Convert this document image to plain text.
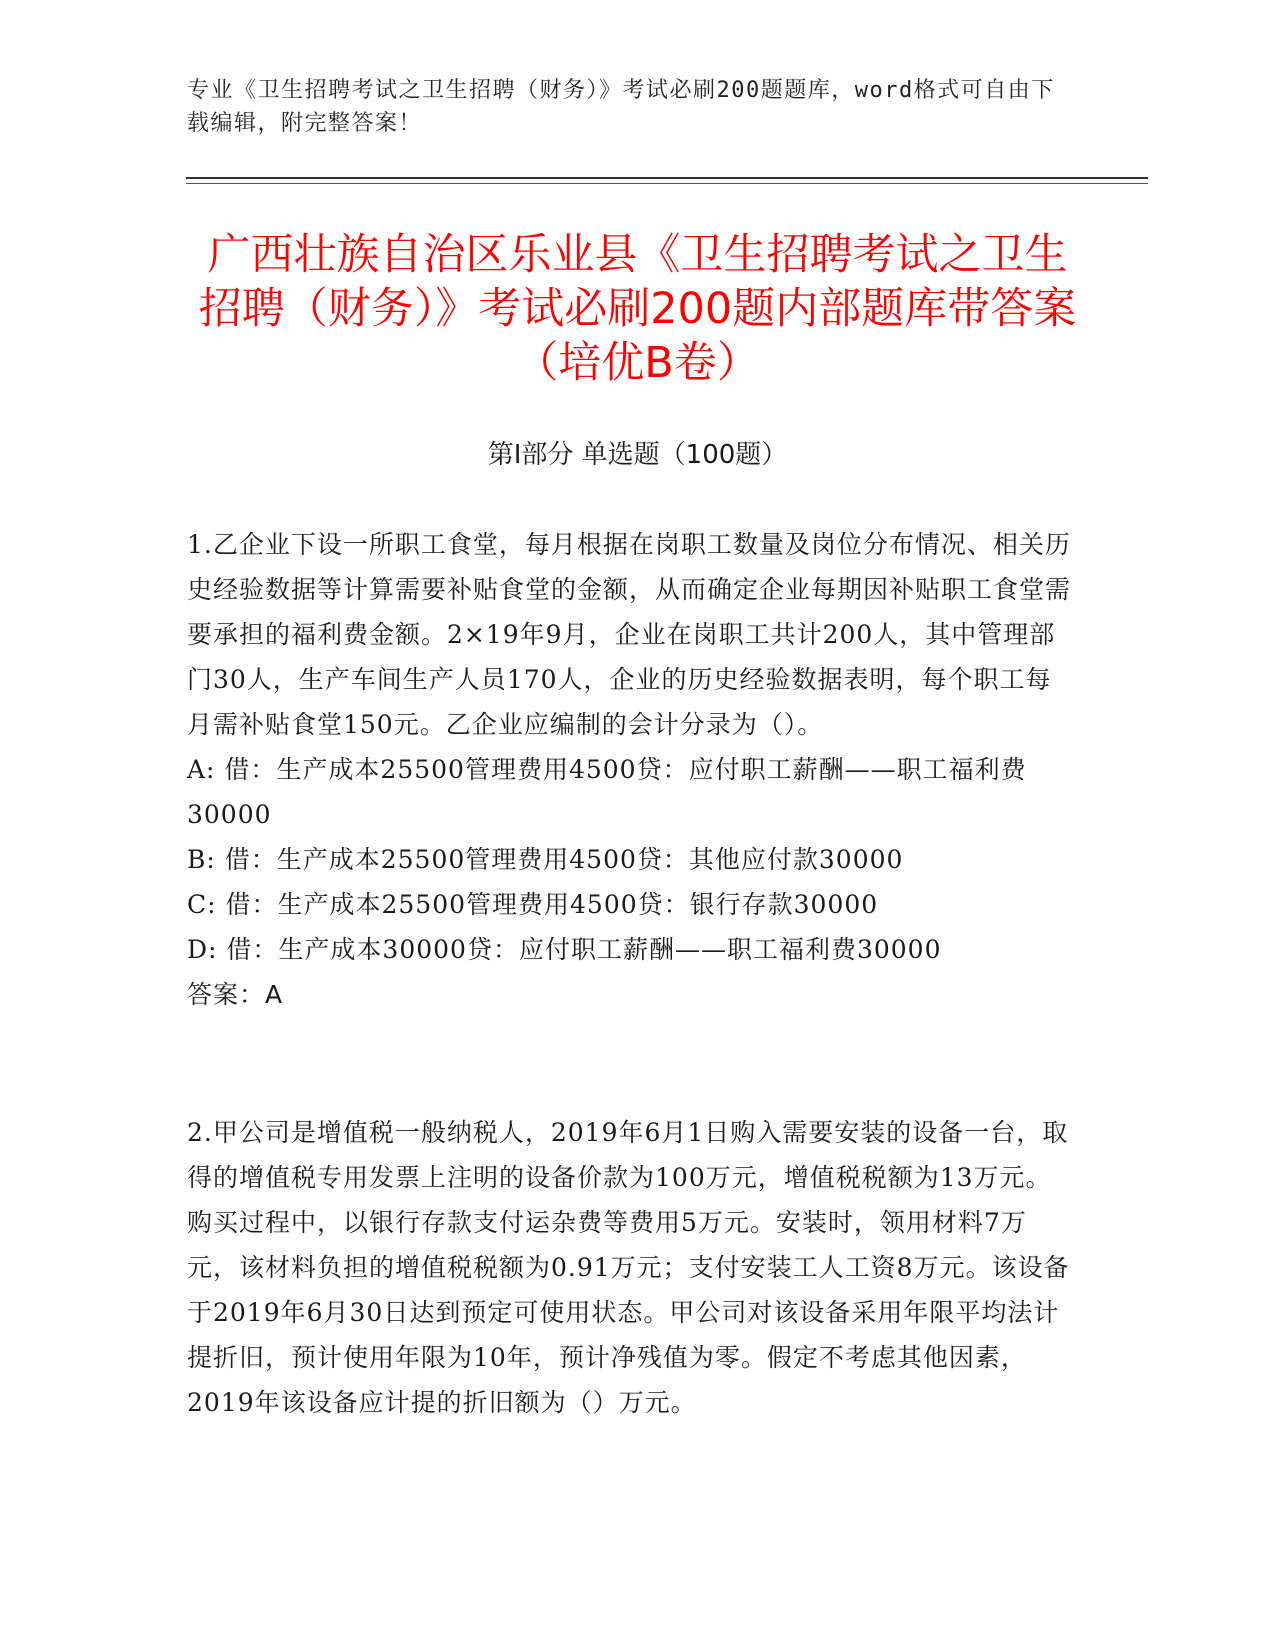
专业《卫生招聘考试之卫生招聘（财务）》考试必刷200题题库，word格式可自由下载编辑，附完整答案！
广西壮族自治区乐业县《卫生招聘考试之卫生招聘（财务）》考试必刷200题内部题库带答案（培优B卷）
第I部分 单选题（100题）

1.乙企业下设一所职工食堂，每月根据在岗职工数量及岗位分布情况、相关历史经验数据等计算需要补贴食堂的金额，从而确定企业每期因补贴职工食堂需要承担的福利费金额。2×19年9月，企业在岗职工共计200人，其中管理部门30人，生产车间生产人员170人，企业的历史经验数据表明，每个职工每月需补贴食堂150元。乙企业应编制的会计分录为（）。

A: 借：生产成本25500管理费用4500贷：应付职工薪酬——职工福利费30000

B: 借：生产成本25500管理费用4500贷：其他应付款30000

C: 借：生产成本25500管理费用4500贷：银行存款30000

D: 借：生产成本30000贷：应付职工薪酬——职工福利费30000

答案：A

2.甲公司是增值税一般纳税人，2019年6月1日购入需要安装的设备一台，取得的增值税专用发票上注明的设备价款为100万元，增值税税额为13万元。购买过程中，以银行存款支付运杂费等费用5万元。安装时，领用材料7万元，该材料负担的增值税税额为0.91万元；支付安装工人工资8万元。该设备于2019年6月30日达到预定可使用状态。甲公司对该设备采用年限平均法计提折旧，预计使用年限为10年，预计净残值为零。假定不考虑其他因素，2019年该设备应计提的折旧额为（）万元。
